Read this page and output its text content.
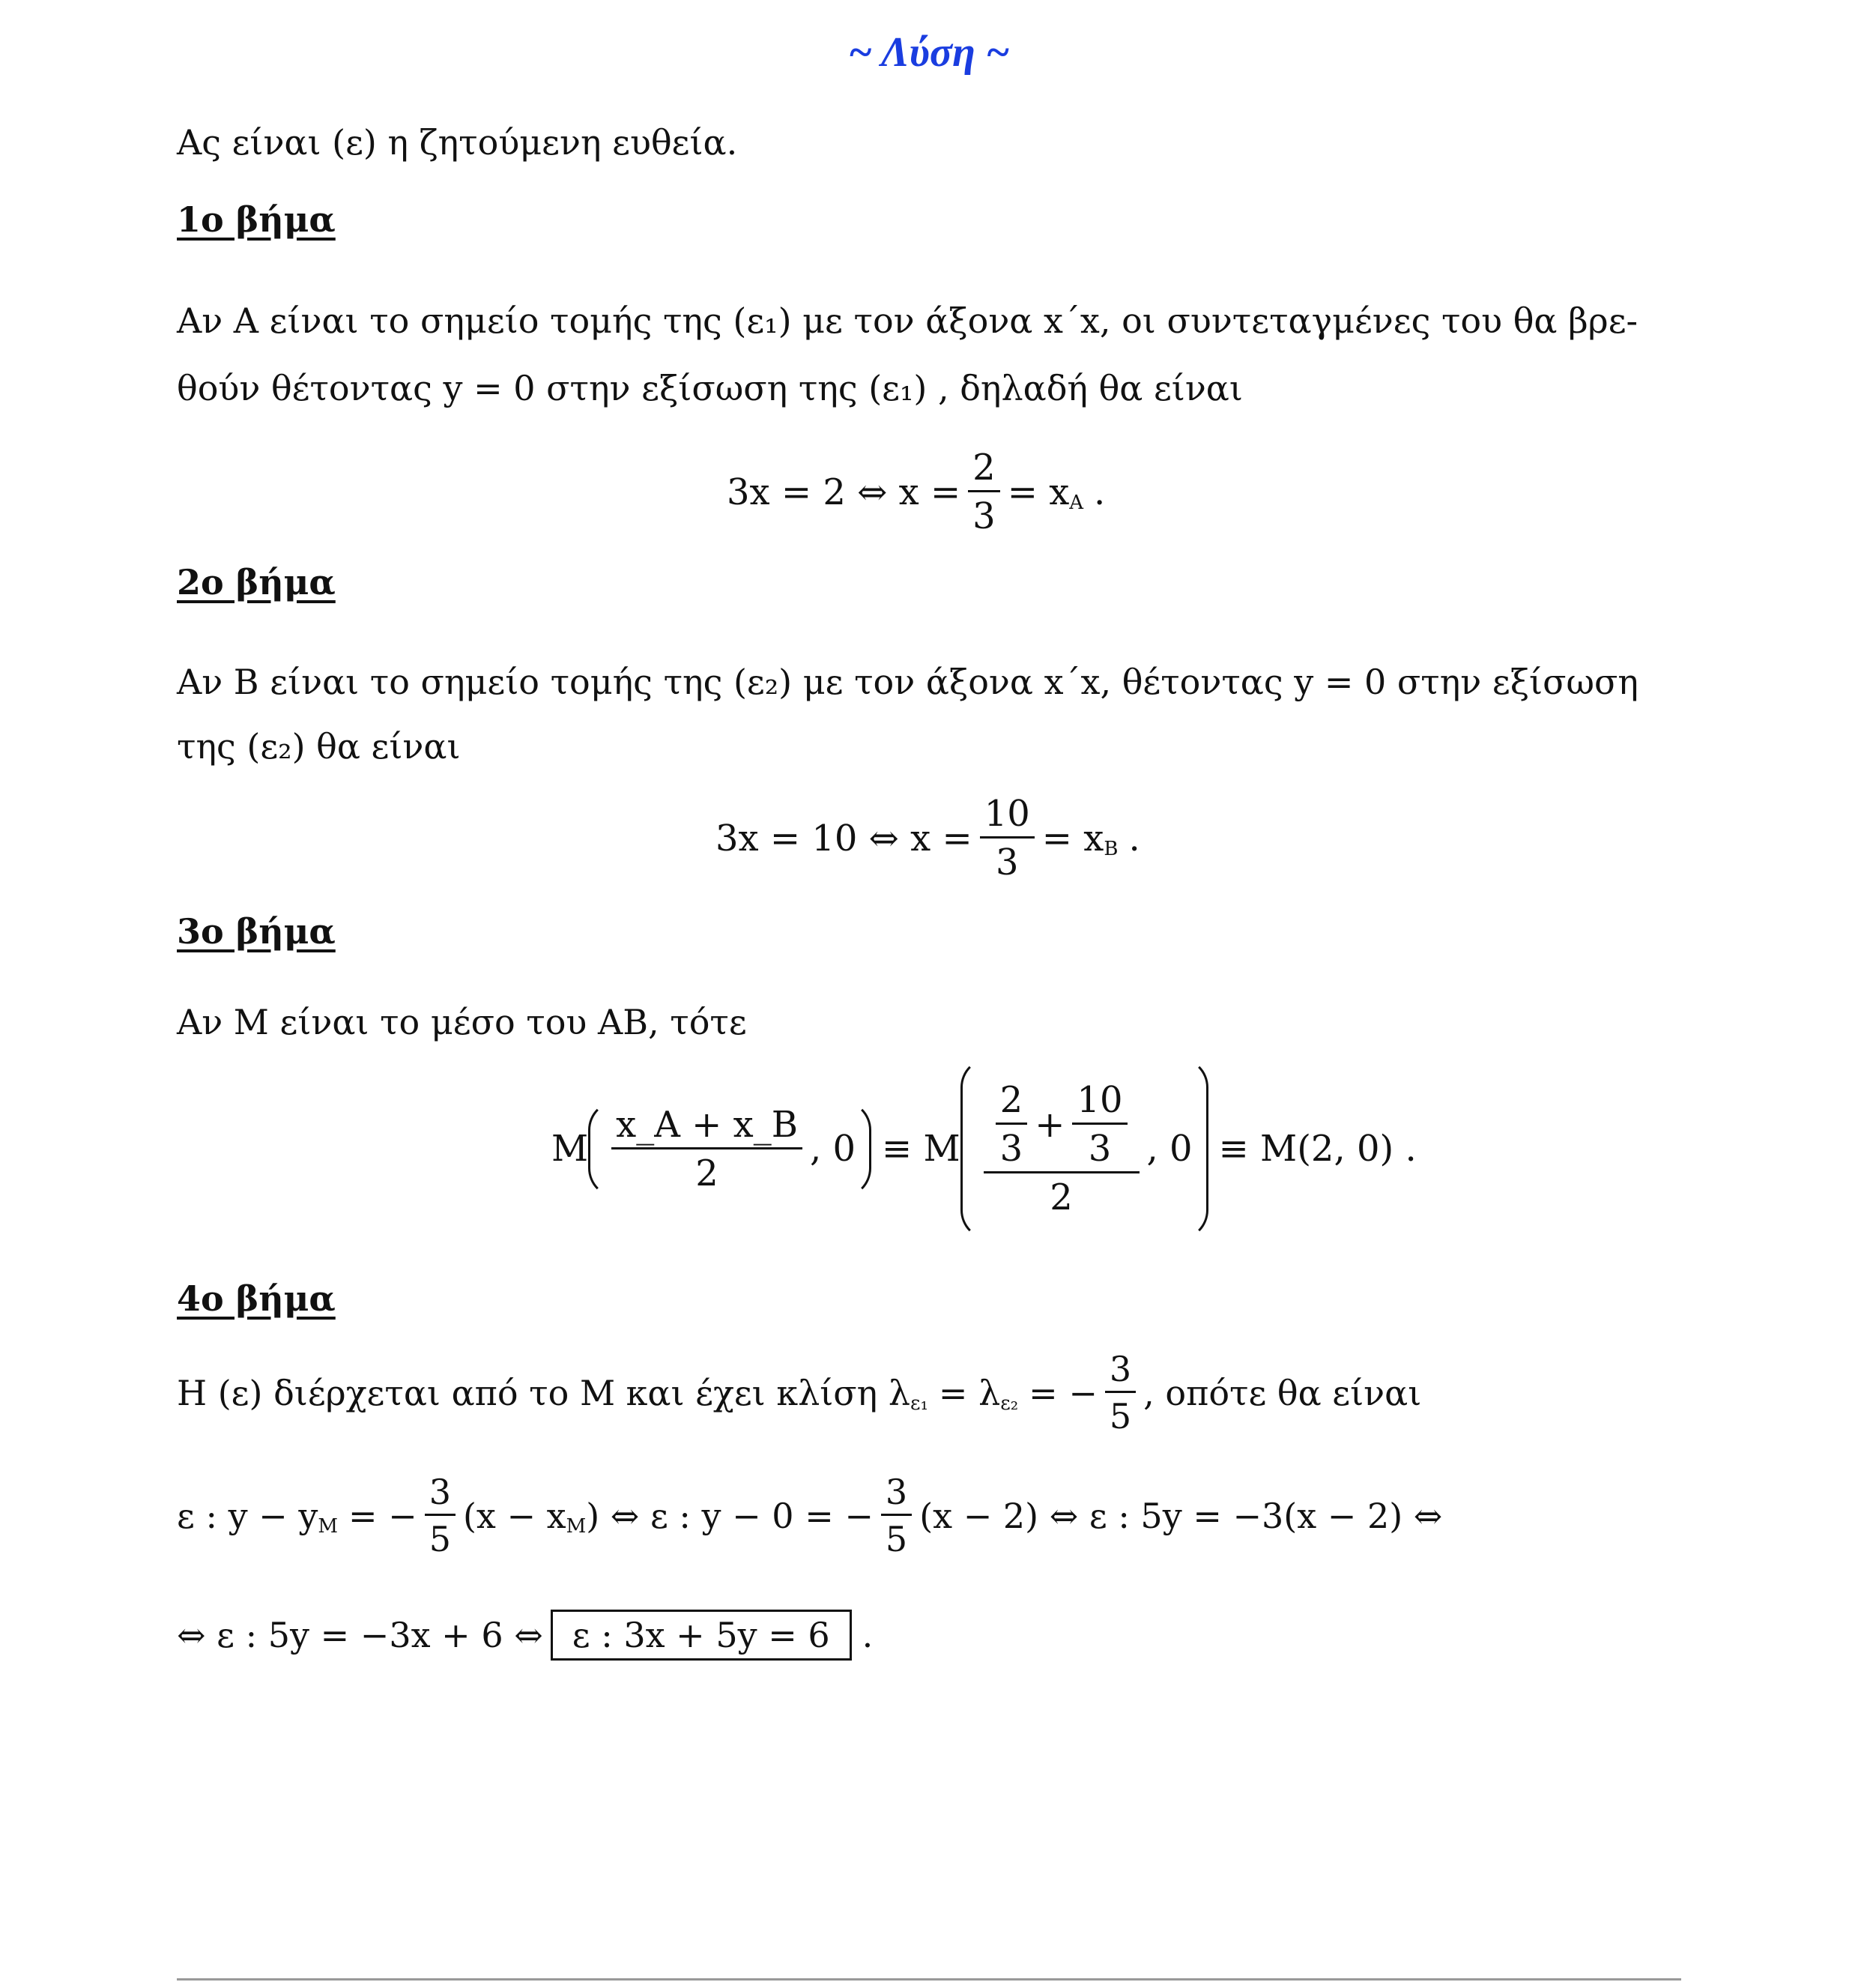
~ Λύση ~
Ας είναι (ε) η ζητούμενη ευθεία.
1ο βήμα
Αν Α είναι το σημείο τομής της (ε₁) με τον άξονα x΄x, οι συντεταγμένες του θα βρε-
θούν θέτοντας y = 0 στην εξίσωση της (ε₁) , δηλαδή θα είναι
3x = 2 ⇔ $x = \frac{2}{3} = x$ A .
2ο βήμα
Αν Β είναι το σημείο τομής της (ε₂) με τον άξονα x΄x, θέτοντας y = 0 στην εξίσωση
της (ε₂) θα είναι
3x = 10 ⇔ $x = \frac{10}{3} = x$ B .
3ο βήμα
Αν Μ είναι το μέσο του ΑΒ, τότε
M $\frac{x\_A + x\_B}{2}$ , 0 ≡ M $\frac{2}{3} + \frac{10}{3}$
2
, 0 ≡ M(2, 0) .
4ο βήμα
Η (ε) διέρχεται από το Μ και έχει κλίση λ ε₁ = λ ε₂ = − $\frac{3}{5}$ , οπότε θα είναι
ε : y − y M = − $\frac{3}{5} (x - x$ M ) ⇔ ε : y − 0 = − $\frac{3}{5} (x - 2)$ ⇔ ε : 5y = −3(x − 2) ⇔
⇔ ε : 5y = −3x + 6 ⇔ ε : 3x + 5y = 6 .
